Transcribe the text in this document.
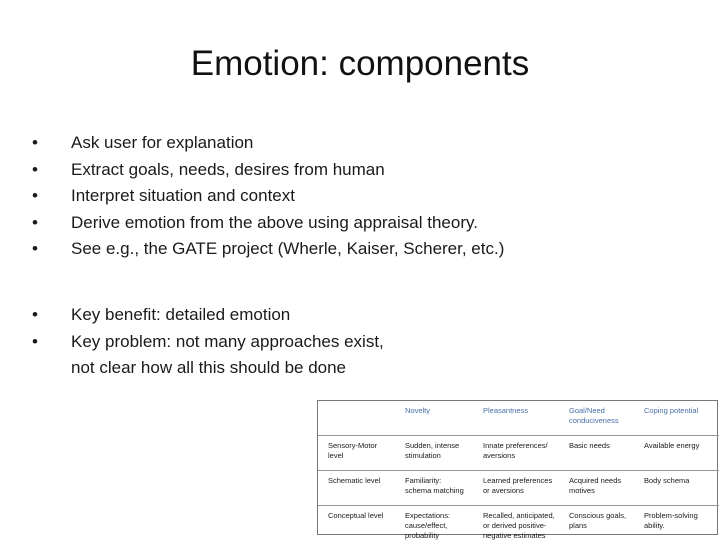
Emotion: components
• Ask user for explanation
• Extract goals, needs, desires from human
• Interpret situation and context
• Derive emotion from the above using appraisal theory.
• See e.g., the GATE project (Wherle, Kaiser, Scherer, etc.)
• Key benefit: detailed emotion
• Key problem: not many approaches exist, not clear how all this should be done
	Novelty	Pleasantness	Goal/Need conduciveness	Coping potential
Sensory-Motor level	Sudden, intense stimulation	Innate preferences/ aversions	Basic needs	Available energy
Schematic level	Familiarity: schema matching	Learned preferences or aversions	Acquired needs motives	Body schema
Conceptual level	Expectations: cause/effect, probability	Recalled, anticipated, or derived positive-negative estimates	Conscious goals, plans	Problem-solving ability.
